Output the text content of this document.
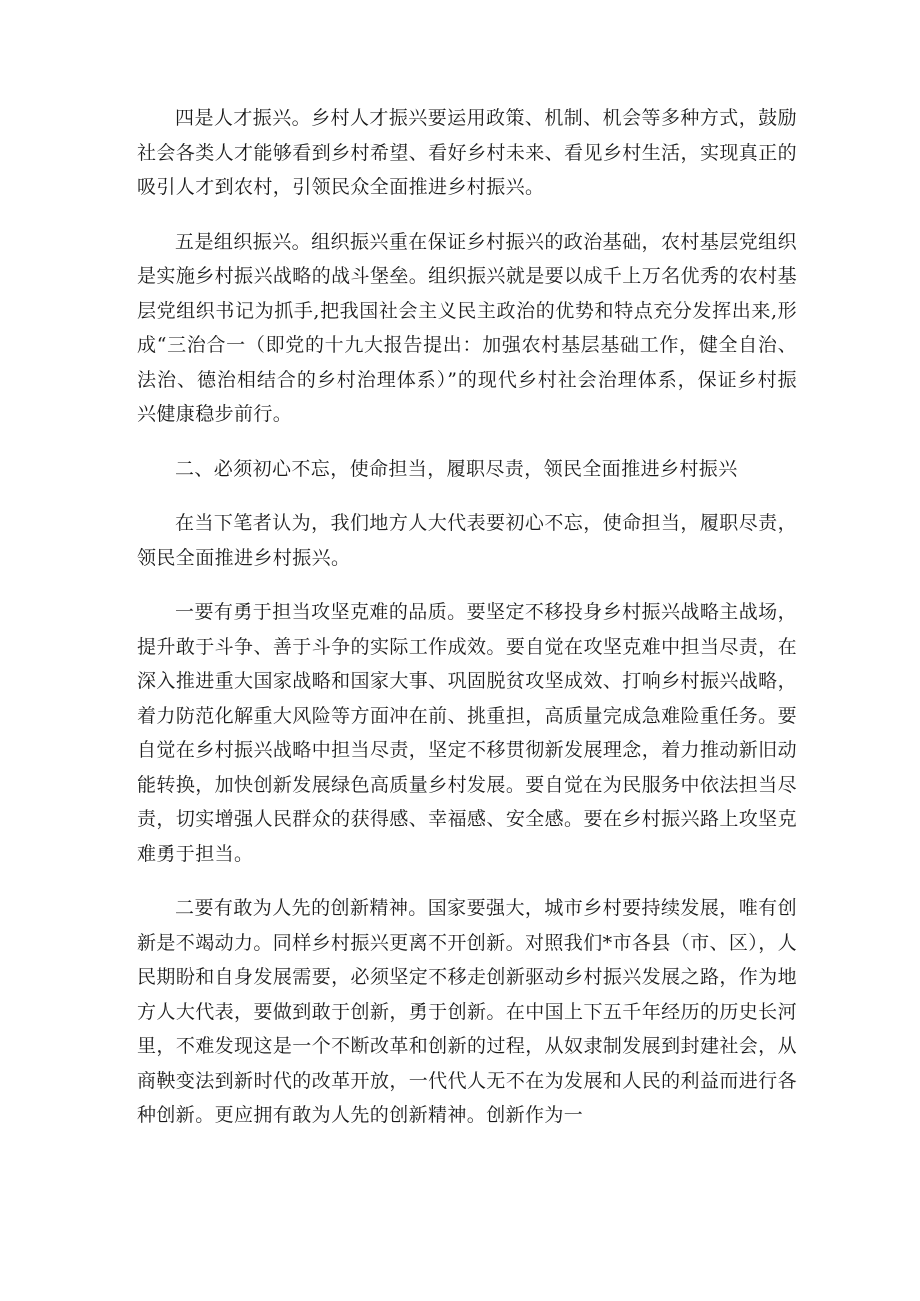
四是人才振兴。乡村人才振兴要运用政策、机制、机会等多种方式，鼓励社会各类人才能够看到乡村希望、看好乡村未来、看见乡村生活，实现真正的吸引人才到农村，引领民众全面推进乡村振兴。

五是组织振兴。组织振兴重在保证乡村振兴的政治基础，农村基层党组织是实施乡村振兴战略的战斗堡垒。组织振兴就是要以成千上万名优秀的农村基层党组织书记为抓手,把我国社会主义民主政治的优势和特点充分发挥出来,形成“三治合一（即党的十九大报告提出：加强农村基层基础工作，健全自治、法治、德治相结合的乡村治理体系）”的现代乡村社会治理体系，保证乡村振兴健康稳步前行。

二、必须初心不忘，使命担当，履职尽责，领民全面推进乡村振兴

在当下笔者认为，我们地方人大代表要初心不忘，使命担当，履职尽责，领民全面推进乡村振兴。

一要有勇于担当攻坚克难的品质。要坚定不移投身乡村振兴战略主战场，提升敢于斗争、善于斗争的实际工作成效。要自觉在攻坚克难中担当尽责，在深入推进重大国家战略和国家大事、巩固脱贫攻坚成效、打响乡村振兴战略，着力防范化解重大风险等方面冲在前、挑重担，高质量完成急难险重任务。要自觉在乡村振兴战略中担当尽责，坚定不移贯彻新发展理念，着力推动新旧动能转换，加快创新发展绿色高质量乡村发展。要自觉在为民服务中依法担当尽责，切实增强人民群众的获得感、幸福感、安全感。要在乡村振兴路上攻坚克难勇于担当。

二要有敢为人先的创新精神。国家要强大，城市乡村要持续发展，唯有创新是不竭动力。同样乡村振兴更离不开创新。对照我们*市各县（市、区），人民期盼和自身发展需要，必须坚定不移走创新驱动乡村振兴发展之路，作为地方人大代表，要做到敢于创新，勇于创新。在中国上下五千年经历的历史长河里，不难发现这是一个不断改革和创新的过程，从奴隶制发展到封建社会，从商鞅变法到新时代的改革开放，一代代人无不在为发展和人民的利益而进行各种创新。更应拥有敢为人先的创新精神。创新作为一
